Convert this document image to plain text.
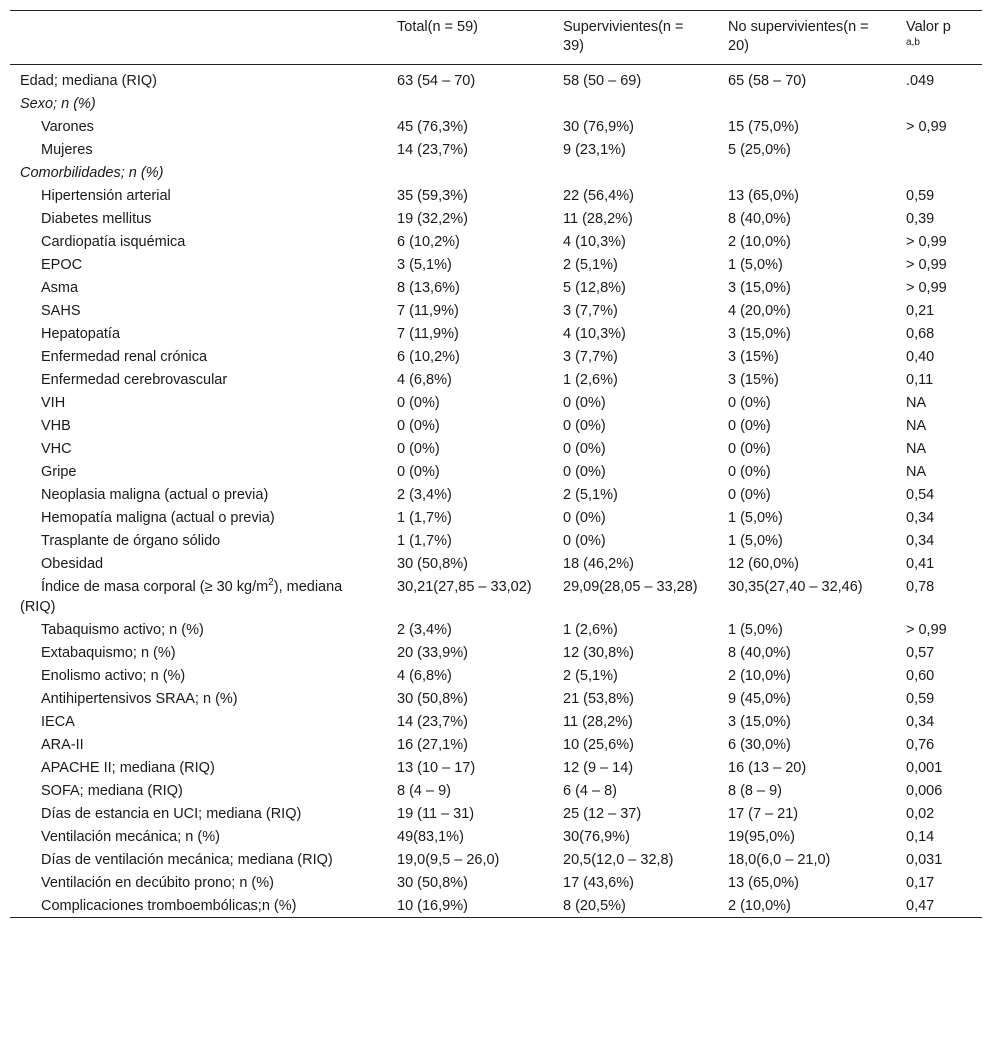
	Total(n = 59)	Supervivientes(n = 39)	No supervivientes(n = 20)	Valor p
a,b

Edad; mediana (RIQ)	63 (54 – 70)	58 (50 – 69)	65 (58 – 70)	.049
Sexo; n (%)				
Varones	45 (76,3%)	30 (76,9%)	15 (75,0%)	> 0,99
Mujeres	14 (23,7%)	9 (23,1%)	5 (25,0%)	
Comorbilidades; n (%)				
Hipertensión arterial	35 (59,3%)	22 (56,4%)	13 (65,0%)	0,59
Diabetes mellitus	19 (32,2%)	11 (28,2%)	8 (40,0%)	0,39
Cardiopatía isquémica	6 (10,2%)	4 (10,3%)	2 (10,0%)	> 0,99
EPOC	3 (5,1%)	2 (5,1%)	1 (5,0%)	> 0,99
Asma	8 (13,6%)	5 (12,8%)	3 (15,0%)	> 0,99
SAHS	7 (11,9%)	3 (7,7%)	4 (20,0%)	0,21
Hepatopatía	7 (11,9%)	4 (10,3%)	3 (15,0%)	0,68
Enfermedad renal crónica	6 (10,2%)	3 (7,7%)	3 (15%)	0,40
Enfermedad cerebrovascular	4 (6,8%)	1 (2,6%)	3 (15%)	0,11
VIH	0 (0%)	0 (0%)	0 (0%)	NA
VHB	0 (0%)	0 (0%)	0 (0%)	NA
VHC	0 (0%)	0 (0%)	0 (0%)	NA
Gripe	0 (0%)	0 (0%)	0 (0%)	NA
Neoplasia maligna (actual o previa)	2 (3,4%)	2 (5,1%)	0 (0%)	0,54
Hemopatía maligna (actual o previa)	1 (1,7%)	0 (0%)	1 (5,0%)	0,34
Trasplante de órgano sólido	1 (1,7%)	0 (0%)	1 (5,0%)	0,34
Obesidad	30 (50,8%)	18 (46,2%)	12 (60,0%)	0,41
Índice de masa corporal (≥ 30 $kg/m^2$), mediana (RIQ)	30,21(27,85 – 33,02)	29,09(28,05 – 33,28)	30,35(27,40 – 32,46)	0,78
Tabaquismo activo; n (%)	2 (3,4%)	1 (2,6%)	1 (5,0%)	> 0,99
Extabaquismo; n (%)	20 (33,9%)	12 (30,8%)	8 (40,0%)	0,57
Enolismo activo; n (%)	4 (6,8%)	2 (5,1%)	2 (10,0%)	0,60
Antihipertensivos SRAA; n (%)	30 (50,8%)	21 (53,8%)	9 (45,0%)	0,59
IECA	14 (23,7%)	11 (28,2%)	3 (15,0%)	0,34
ARA-II	16 (27,1%)	10 (25,6%)	6 (30,0%)	0,76
APACHE II; mediana (RIQ)	13 (10 – 17)	12 (9 – 14)	16 (13 – 20)	0,001
SOFA; mediana (RIQ)	8 (4 – 9)	6 (4 – 8)	8 (8 – 9)	0,006
Días de estancia en UCI; mediana (RIQ)	19 (11 – 31)	25 (12 – 37)	17 (7 – 21)	0,02
Ventilación mecánica; n (%)	49(83,1%)	30(76,9%)	19(95,0%)	0,14
Días de ventilación mecánica; mediana (RIQ)	19,0(9,5 – 26,0)	20,5(12,0 – 32,8)	18,0(6,0 – 21,0)	0,031
Ventilación en decúbito prono; n (%)	30 (50,8%)	17 (43,6%)	13 (65,0%)	0,17
Complicaciones tromboembólicas;n (%)	10 (16,9%)	8 (20,5%)	2 (10,0%)	0,47
